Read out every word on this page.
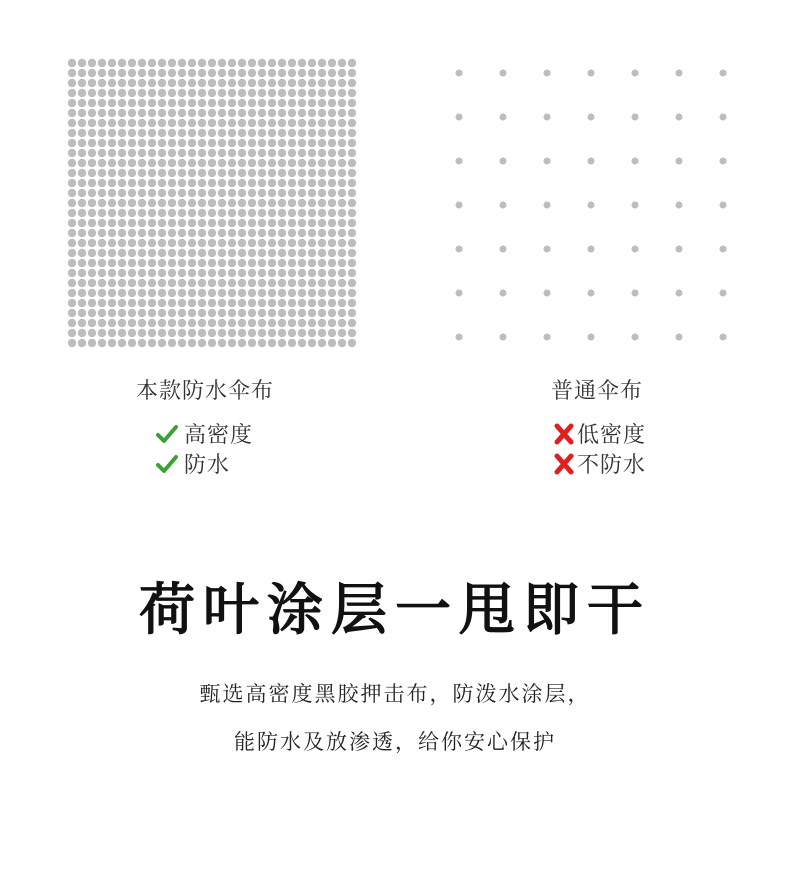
本款防水伞布
高密度
防水
普通伞布
低密度
不防水
荷叶涂层一甩即干
甄选高密度黑胶押击布，防泼水涂层，
能防水及放渗透，给你安心保护
